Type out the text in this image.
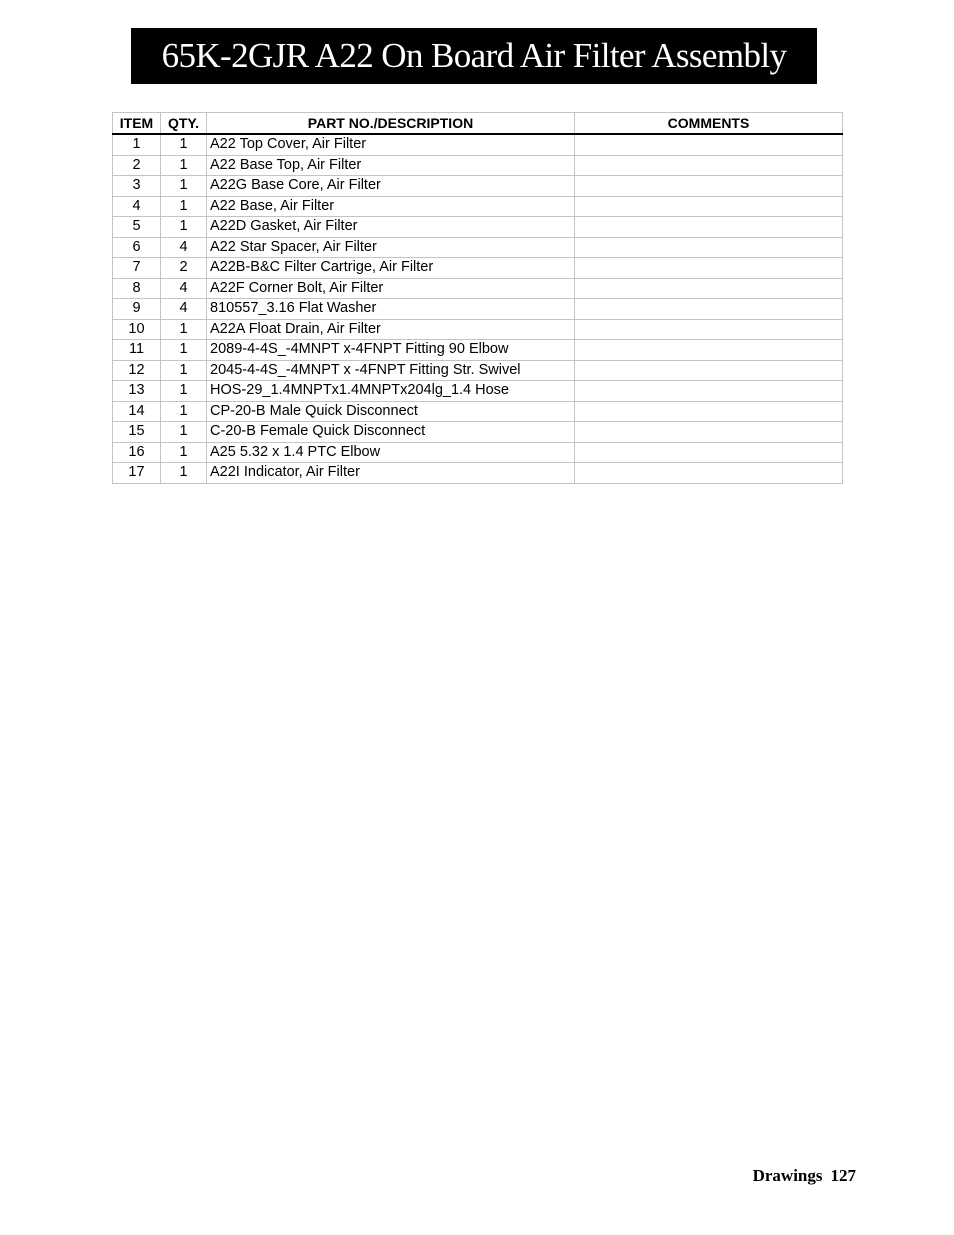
65K-2GJR A22 On Board Air Filter Assembly
ITEM	QTY.	PART NO./DESCRIPTION	COMMENTS
1	1	A22 Top Cover, Air Filter	
2	1	A22 Base Top, Air Filter	
3	1	A22G Base Core, Air Filter	
4	1	A22 Base, Air Filter	
5	1	A22D Gasket, Air Filter	
6	4	A22 Star Spacer, Air Filter	
7	2	A22B-B&C Filter Cartrige, Air Filter	
8	4	A22F Corner Bolt, Air Filter	
9	4	810557_3.16 Flat Washer	
10	1	A22A Float Drain, Air Filter	
11	1	2089-4-4S_-4MNPT x-4FNPT Fitting 90 Elbow	
12	1	2045-4-4S_-4MNPT x -4FNPT Fitting Str. Swivel	
13	1	HOS-29_1.4MNPTx1.4MNPTx204lg_1.4 Hose	
14	1	CP-20-B Male Quick Disconnect	
15	1	C-20-B Female Quick Disconnect	
16	1	A25 5.32 x 1.4 PTC Elbow	
17	1	A22I Indicator, Air Filter	
Drawings 127
